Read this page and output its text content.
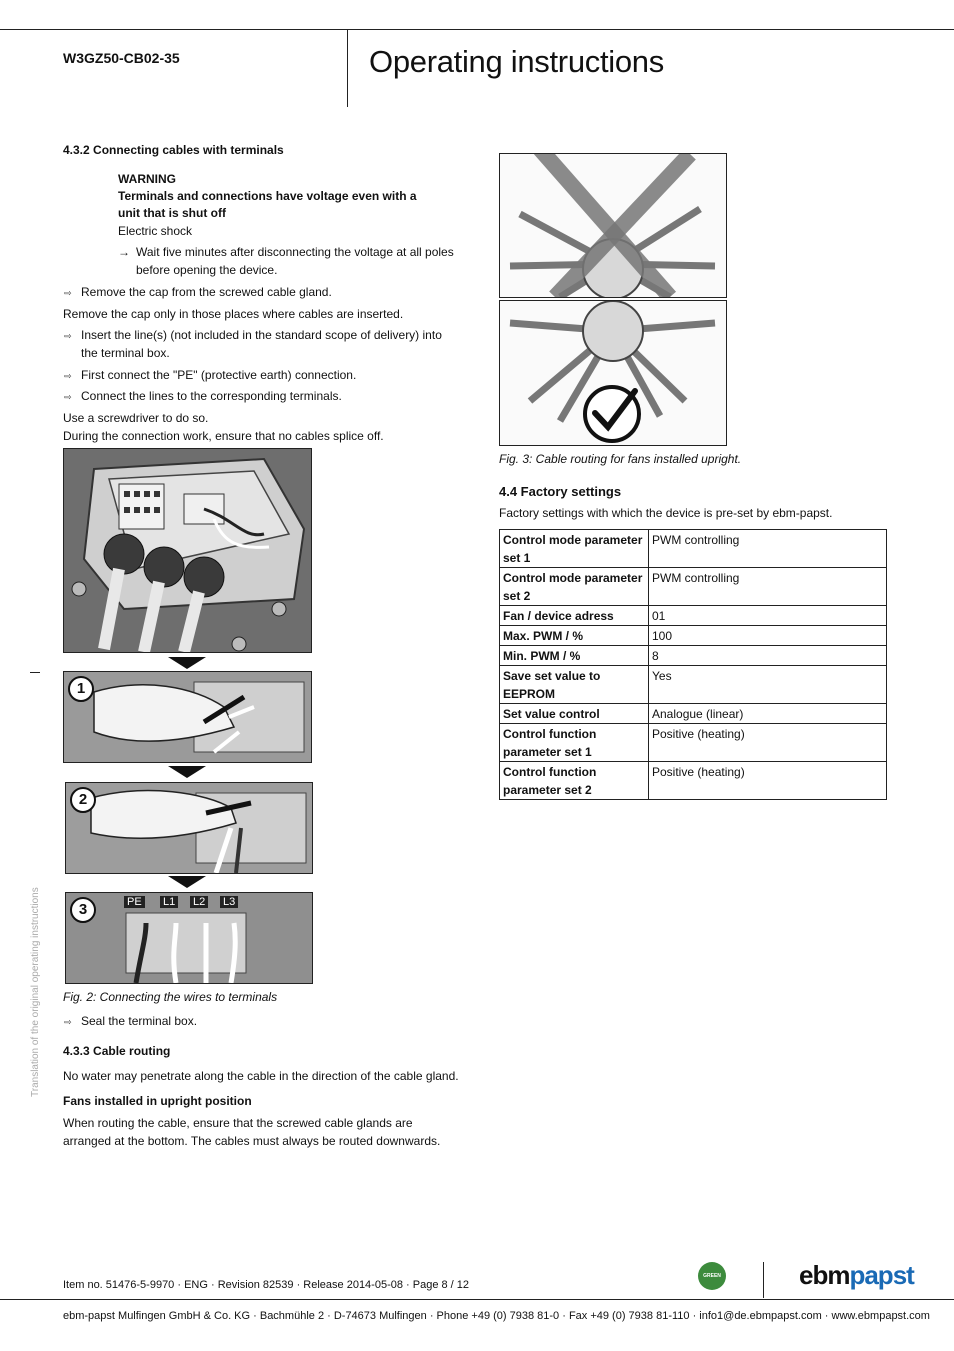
W3GZ50-CB02-35	Operating instructions
4.3.2 Connecting cables with terminals
WARNING
Terminals and connections have voltage even with a
unit that is shut off
Electric shock
→ Wait five minutes after disconnecting the voltage at all poles
before opening the device.
⇨ Remove the cap from the screwed cable gland.
Remove the cap only in those places where cables are inserted.
⇨ Insert the line(s) (not included in the standard scope of delivery) into
the terminal box.
⇨ First connect the "PE" (protective earth) connection.
⇨ Connect the lines to the corresponding terminals.
Use a screwdriver to do so.
During the connection work, ensure that no cables splice off.
1
2
3	PE L1 L2 L3
Fig. 2: Connecting the wires to terminals
⇨ Seal the terminal box.
4.3.3 Cable routing
No water may penetrate along the cable in the direction of the cable gland.
Fans installed in upright position
When routing the cable, ensure that the screwed cable glands are
arranged at the bottom. The cables must always be routed downwards.
Translation of the original operating instructions
Fig. 3: Cable routing for fans installed upright.
4.4 Factory settings
Factory settings with which the device is pre-set by ebm-papst.
Control mode parameter set 1	PWM controlling
Control mode parameter set 2	PWM controlling
Fan / device adress	01
Max. PWM / %	100
Min. PWM / %	8
Save set value to EEPROM	Yes
Set value control	Analogue (linear)
Control function parameter set 1	Positive (heating)
Control function parameter set 2	Positive (heating)
Item no. 51476-5-9970 · ENG · Revision 82539 · Release 2014-05-08 · Page 8 / 12
GREEN TECH
ebmpapst
ebm-papst Mulfingen GmbH & Co. KG · Bachmühle 2 · D-74673 Mulfingen · Phone +49 (0) 7938 81-0 · Fax +49 (0) 7938 81-110 · info1@de.ebmpapst.com · www.ebmpapst.com
